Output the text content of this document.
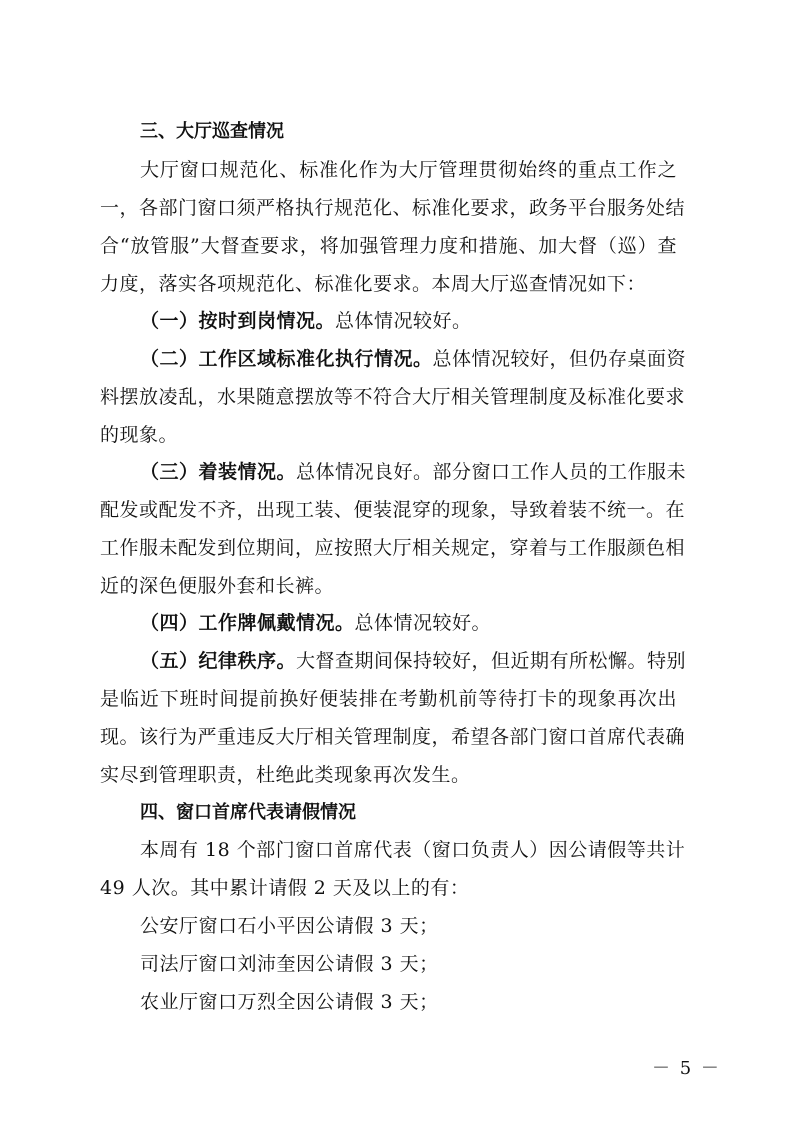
三、大厅巡查情况
大厅窗口规范化、标准化作为大厅管理贯彻始终的重点工作之
一，各部门窗口须严格执行规范化、标准化要求，政务平台服务处结
合“放管服”大督查要求，将加强管理力度和措施、加大督（巡）查
力度，落实各项规范化、标准化要求。本周大厅巡查情况如下：
（一）按时到岗情况。总体情况较好。
（二）工作区域标准化执行情况。总体情况较好，但仍存桌面资
料摆放凌乱，水果随意摆放等不符合大厅相关管理制度及标准化要求
的现象。
（三）着装情况。总体情况良好。部分窗口工作人员的工作服未
配发或配发不齐，出现工装、便装混穿的现象，导致着装不统一。在
工作服未配发到位期间，应按照大厅相关规定，穿着与工作服颜色相
近的深色便服外套和长裤。
（四）工作牌佩戴情况。总体情况较好。
（五）纪律秩序。大督查期间保持较好，但近期有所松懈。特别
是临近下班时间提前换好便装排在考勤机前等待打卡的现象再次出
现。该行为严重违反大厅相关管理制度，希望各部门窗口首席代表确
实尽到管理职责，杜绝此类现象再次发生。
四、窗口首席代表请假情况
本周有 18 个部门窗口首席代表（窗口负责人）因公请假等共计
49 人次。其中累计请假 2 天及以上的有：
公安厅窗口石小平因公请假 3 天；
司法厅窗口刘沛奎因公请假 3 天；
农业厅窗口万烈全因公请假 3 天；
－ 5 －
